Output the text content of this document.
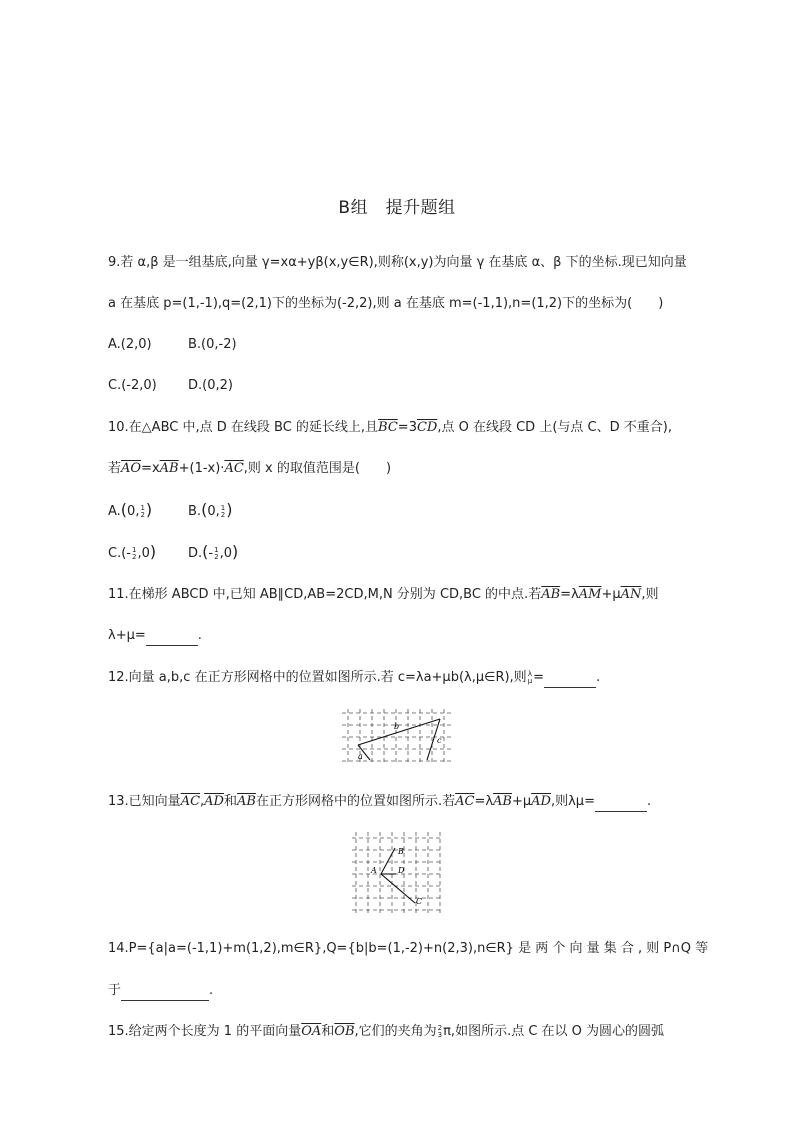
B组　提升题组
9.若 α,β 是一组基底,向量 γ=xα+yβ(x,y∈R),则称(x,y)为向量 γ 在基底 α、β 下的坐标.现已知向量
a 在基底 p=(1,-1),q=(2,1)下的坐标为(-2,2),则 a 在基底 m=(-1,1),n=(1,2)下的坐标为(　　)
A.(2,0)	B.(0,-2)
C.(-2,0) D.(0,2)
10.在△ABC 中,点 D 在线段 BC 的延长线上,且$\overline{BC}=3\overline{CD}$,点 O 在线段 CD 上(与点 C、D 不重合),
若$\overline{AO}=x\overline{AB}+(1-x)\cdot\overline{AC}$,则 x 的取值范围是(　　)
A.(0, 1
2 )	B.(0, 1
2 )
C.(- 1
2 ,0) D.(- 1
2 ,0)
11.在梯形 ABCD 中,已知 AB∥CD,AB=2CD,M,N 分别为 CD,BC 的中点.若$\overline{AB}=\lambda\overline{AM}+\mu\overline{AN}$,则
λ+μ=	.
12.向量 a,b,c 在正方形网格中的位置如图所示.若 c=λa+μb(λ,μ∈R),则 λ
μ =	.
b
a
c
13.已知向量$\overline{AC},\overline{AD}$和$\overline{AB}$在正方形网格中的位置如图所示.若$\overline{AC}=\lambda\overline{AB}+\mu\overline{AD}$,则λμ=	.
A
B
D
C
14.P={a|a=(-1,1)+m(1,2),m∈R},Q={b|b=(1,-2)+n(2,3),n∈R} 是 两 个 向 量 集 合 , 则 P∩Q 等
于	.
15.给定两个长度为 1 的平面向量$\overline{OA}$和$\overline{OB}$,它们的夹角为 2
3 π,如图所示.点 C 在以 O 为圆心的圆弧
